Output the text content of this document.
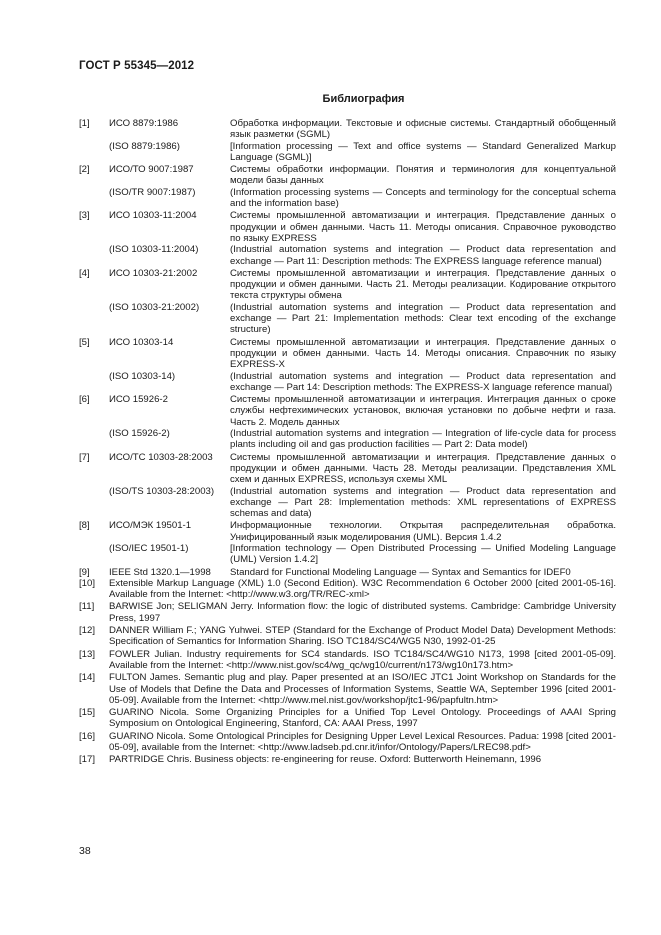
ГОСТ Р 55345—2012
Библиография
[1]	ИСО 8879:1986	Обработка информации. Текстовые и офисные системы. Стандартный обобщенный язык разметки (SGML)
(ISO 8879:1986)	[Information processing — Text and office systems — Standard Generalized Markup Language (SGML)]
[2]	ИСО/ТО 9007:1987	Системы обработки информации. Понятия и терминология для концептуальной модели базы данных
(ISO/TR 9007:1987)	(Information processing systems — Concepts and terminology for the conceptual schema and the information base)
[3]	ИСО 10303-11:2004	Системы промышленной автоматизации и интеграция. Представление данных о продукции и обмен данными. Часть 11. Методы описания. Справочное руководство по языку EXPRESS
(ISO 10303-11:2004)	(Industrial automation systems and integration — Product data representation and exchange — Part 11: Description methods: The EXPRESS language reference manual)
[4]	ИСО 10303-21:2002	Системы промышленной автоматизации и интеграция. Представление данных о продукции и обмен данными. Часть 21. Методы реализации. Кодирование открытого текста структуры обмена
(ISO 10303-21:2002)	(Industrial automation systems and integration — Product data representation and exchange — Part 21: Implementation methods: Clear text encoding of the exchange structure)
[5]	ИСО 10303-14	Системы промышленной автоматизации и интеграция. Представление данных о продукции и обмен данными. Часть 14. Методы описания. Справочник по языку EXPRESS-X
(ISO 10303-14)	(Industrial automation systems and integration — Product data representation and exchange — Part 14: Description methods: The EXPRESS-X language reference manual)
[6]	ИСО 15926-2	Системы промышленной автоматизации и интеграция. Интеграция данных о сроке службы нефтехимических установок, включая установки по добыче нефти и газа. Часть 2. Модель данных
(ISO 15926-2)	(Industrial automation systems and integration — Integration of life-cycle data for process plants including oil and gas production facilities — Part 2: Data model)
[7]	ИСО/ТС 10303-28:2003	Системы промышленной автоматизации и интеграция. Представление данных о продукции и обмен данными. Часть 28. Методы реализации. Представления XML схем и данных EXPRESS, используя схемы XML
(ISO/TS 10303-28:2003)	(Industrial automation systems and integration — Product data representation and exchange — Part 28: Implementation methods: XML representations of EXPRESS schemas and data)
[8]	ИСО/МЭК 19501-1	Информационные технологии. Открытая распределительная обработка. Унифицированный язык моделирования (UML). Версия 1.4.2
(ISO/IEC 19501-1)	[Information technology — Open Distributed Processing — Unified Modeling Language (UML) Version 1.4.2]
[9]	IEEE Std 1320.1—1998	Standard for Functional Modeling Language — Syntax and Semantics for IDEF0
[10]	Extensible Markup Language (XML) 1.0 (Second Edition). W3C Recommendation 6 October 2000 [cited 2001-05-16]. Available from the Internet: <http://www.w3.org/TR/REC-xml>
[11]	BARWISE Jon; SELIGMAN Jerry. Information flow: the logic of distributed systems. Cambridge: Cambridge University Press, 1997
[12]	DANNER William F.; YANG Yuhwei. STEP (Standard for the Exchange of Product Model Data) Development Methods: Specification of Semantics for Information Sharing. ISO TC184/SC4/WG5 N30, 1992-01-25
[13]	FOWLER Julian. Industry requirements for SC4 standards. ISO TC184/SC4/WG10 N173, 1998 [cited 2001-05-09]. Available from the Internet: <http://www.nist.gov/sc4/wg_qc/wg10/current/n173/wg10n173.htm>
[14]	FULTON James. Semantic plug and play. Paper presented at an ISO/IEC JTC1 Joint Workshop on Standards for the Use of Models that Define the Data and Processes of Information Systems, Seattle WA, September 1996 [cited 2001-05-09]. Available from the Internet: <http://www.mel.nist.gov/workshop/jtc1-96/papfultn.htm>
[15]	GUARINO Nicola. Some Organizing Principles for a Unified Top Level Ontology. Proceedings of AAAI Spring Symposium on Ontological Engineering, Stanford, CA: AAAI Press, 1997
[16]	GUARINO Nicola. Some Ontological Principles for Designing Upper Level Lexical Resources. Padua: 1998 [cited 2001-05-09], available from the Internet: <http://www.ladseb.pd.cnr.it/infor/Ontology/Papers/LREC98.pdf>
[17]	PARTRIDGE Chris. Business objects: re-engineering for reuse. Oxford: Butterworth Heinemann, 1996
38
